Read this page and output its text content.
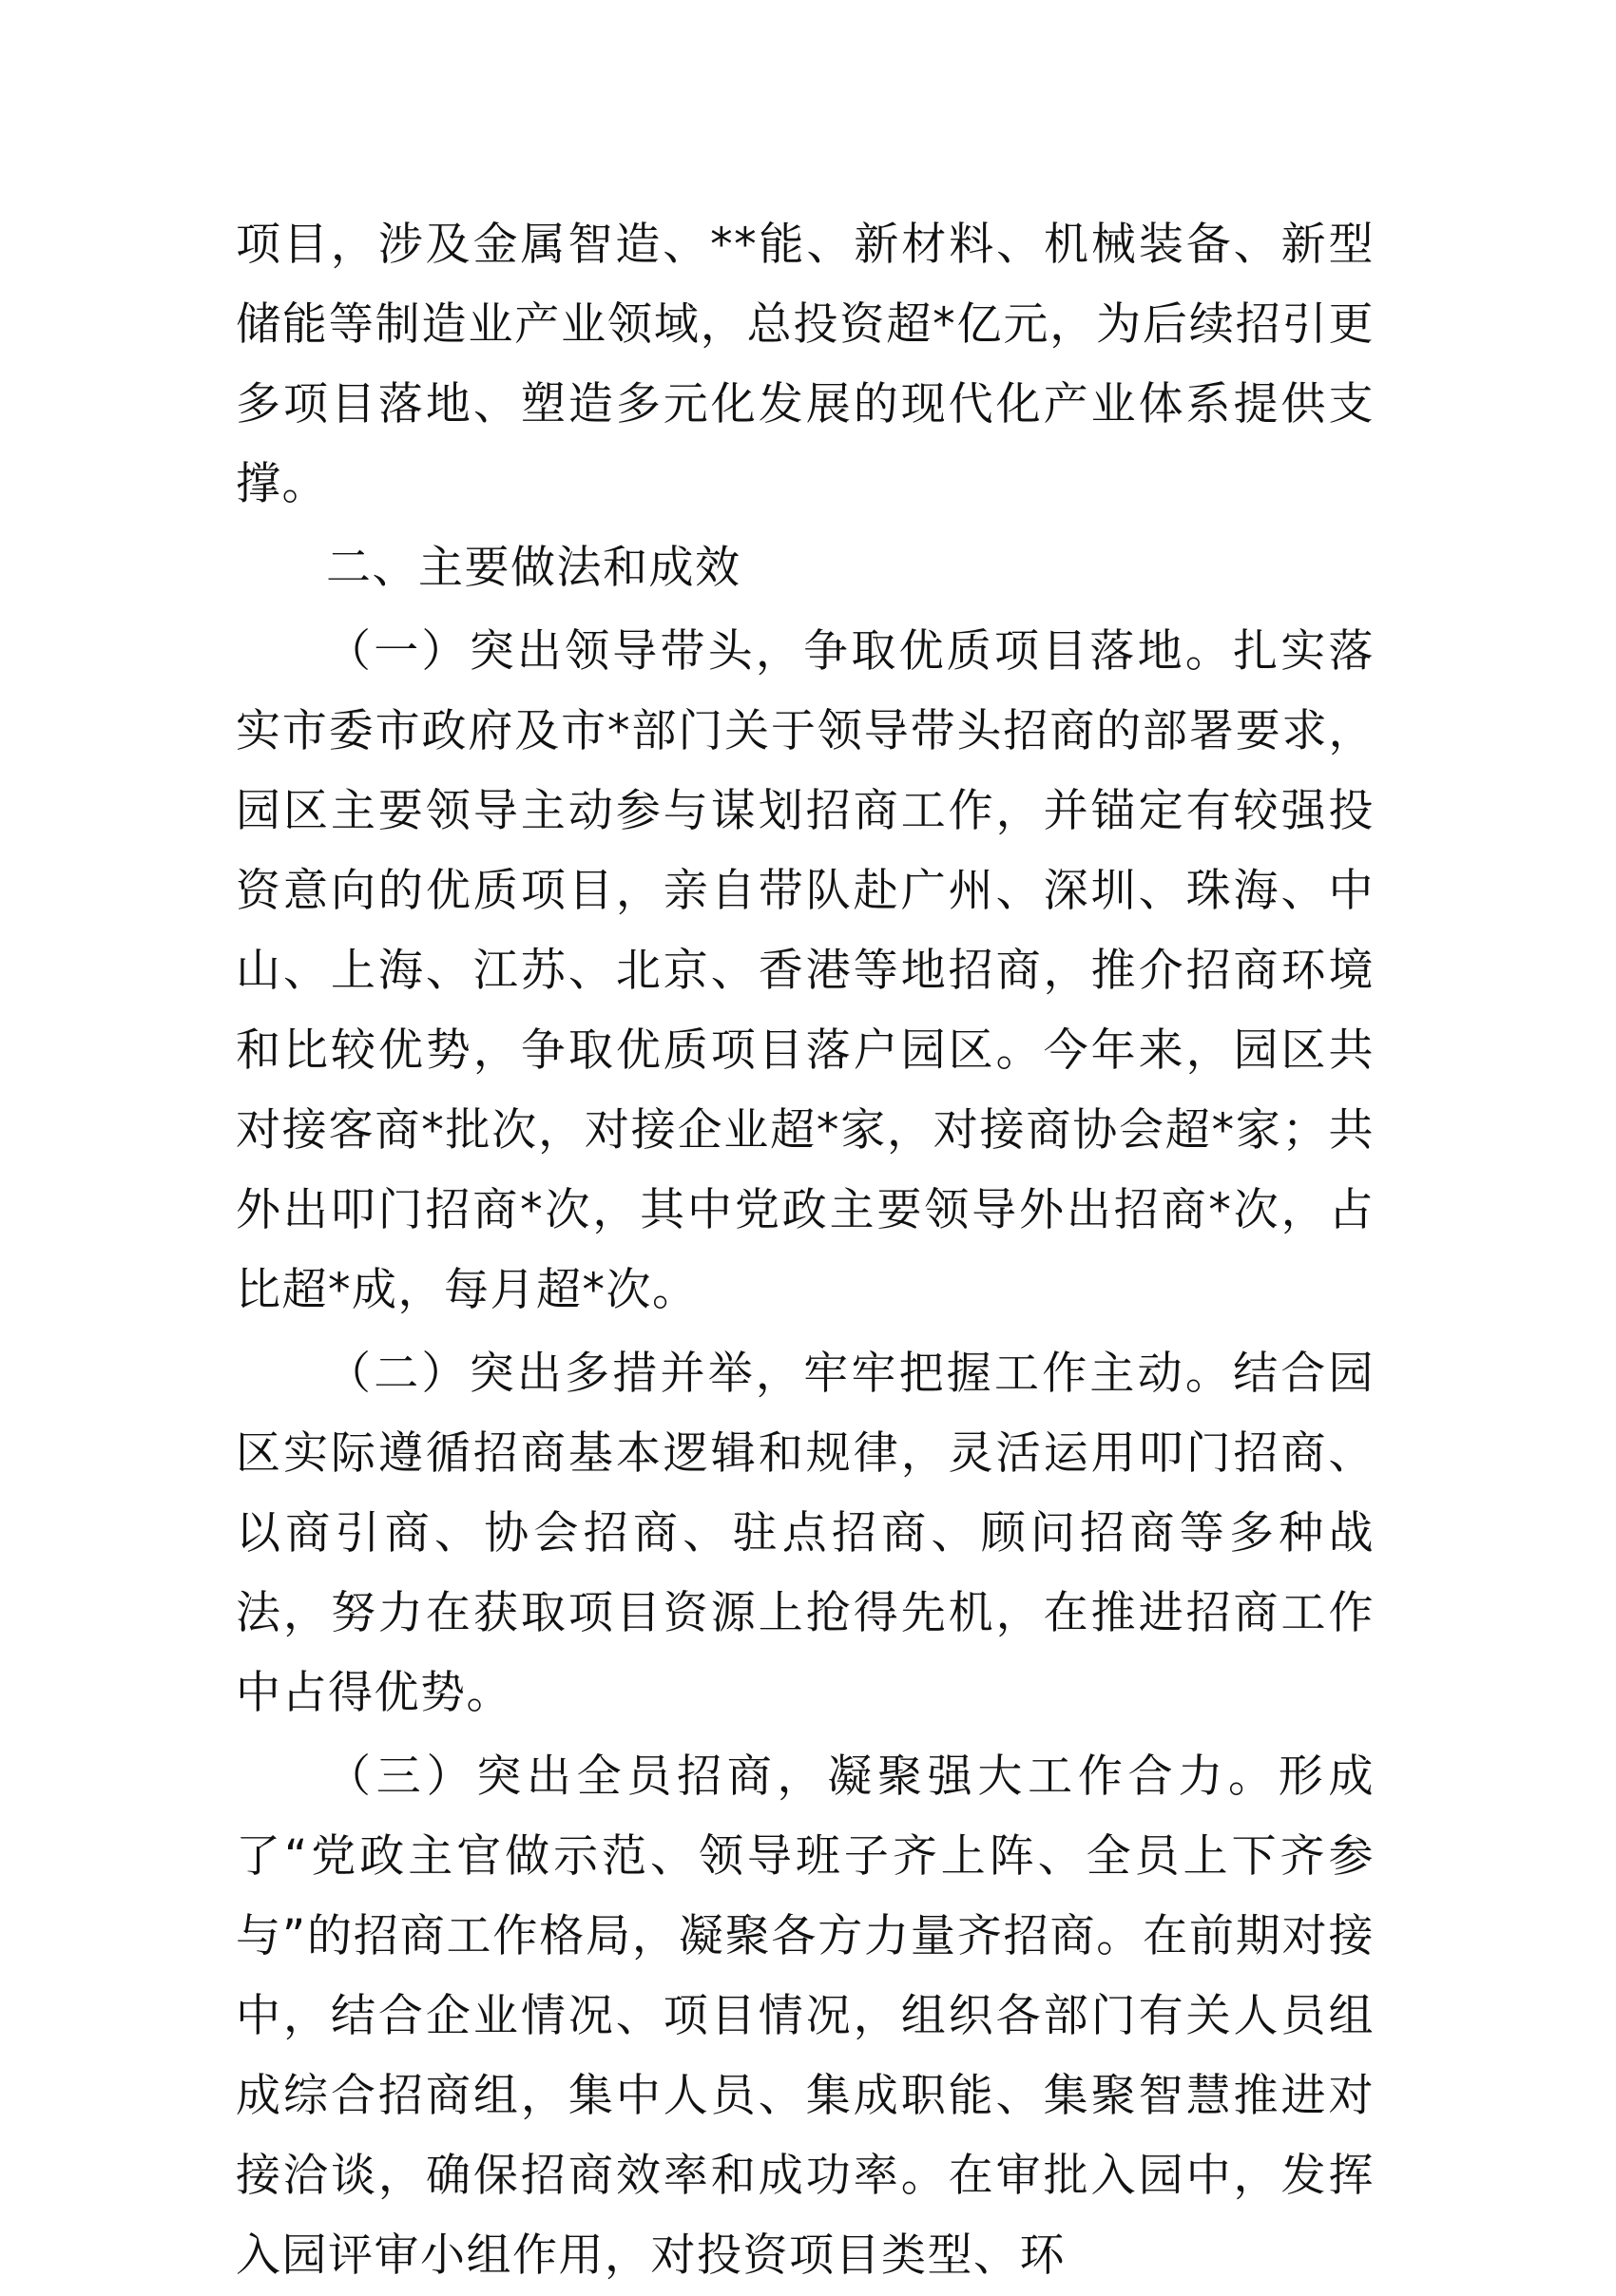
项目，涉及金属智造、**能、新材料、机械装备、新型储能等制造业产业领域，总投资超*亿元，为后续招引更多项目落地、塑造多元化发展的现代化产业体系提供支撑。

二、主要做法和成效

（一）突出领导带头，争取优质项目落地。扎实落实市委市政府及市*部门关于领导带头招商的部署要求，园区主要领导主动参与谋划招商工作，并锚定有较强投资意向的优质项目，亲自带队赴广州、深圳、珠海、中山、上海、江苏、北京、香港等地招商，推介招商环境和比较优势，争取优质项目落户园区。今年来，园区共对接客商*批次，对接企业超*家，对接商协会超*家；共外出叩门招商*次，其中党政主要领导外出招商*次，占比超*成，每月超*次。

（二）突出多措并举，牢牢把握工作主动。结合园区实际遵循招商基本逻辑和规律，灵活运用叩门招商、以商引商、协会招商、驻点招商、顾问招商等多种战法，努力在获取项目资源上抢得先机，在推进招商工作中占得优势。

（三）突出全员招商，凝聚强大工作合力。形成了“党政主官做示范、领导班子齐上阵、全员上下齐参与”的招商工作格局，凝聚各方力量齐招商。在前期对接中，结合企业情况、项目情况，组织各部门有关人员组成综合招商组，集中人员、集成职能、集聚智慧推进对接洽谈，确保招商效率和成功率。在审批入园中，发挥入园评审小组作用，对投资项目类型、环
